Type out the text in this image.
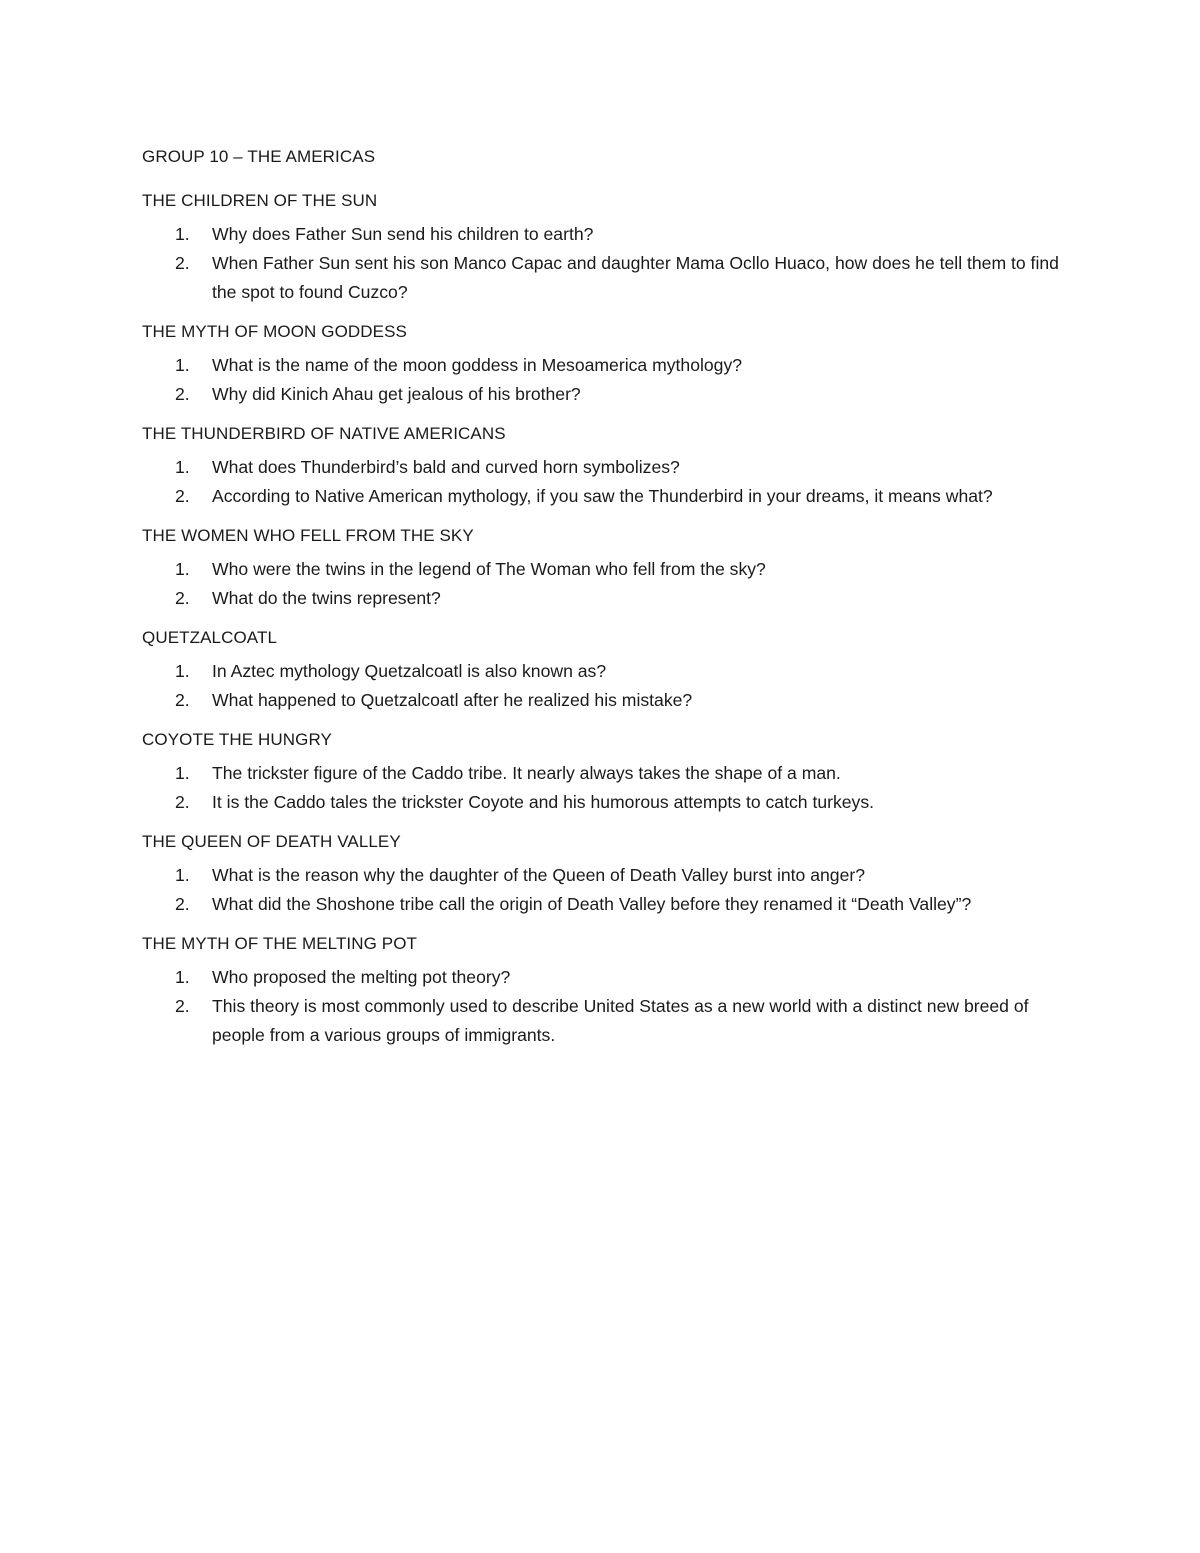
GROUP 10 – THE AMERICAS
THE CHILDREN OF THE SUN
1. Why does Father Sun send his children to earth?
2. When Father Sun sent his son Manco Capac and daughter Mama Ocllo Huaco, how does he tell them to find the spot to found Cuzco?
THE MYTH OF MOON GODDESS
1. What is the name of the moon goddess in Mesoamerica mythology?
2. Why did Kinich Ahau get jealous of his brother?
THE THUNDERBIRD OF NATIVE AMERICANS
1. What does Thunderbird’s bald and curved horn symbolizes?
2. According to Native American mythology, if you saw the Thunderbird in your dreams, it means what?
THE WOMEN WHO FELL FROM THE SKY
1. Who were the twins in the legend of The Woman who fell from the sky?
2. What do the twins represent?
QUETZALCOATL
1. In Aztec mythology Quetzalcoatl is also known as?
2. What happened to Quetzalcoatl after he realized his mistake?
COYOTE THE HUNGRY
1. The trickster figure of the Caddo tribe. It nearly always takes the shape of a man.
2. It is the Caddo tales the trickster Coyote and his humorous attempts to catch turkeys.
THE QUEEN OF DEATH VALLEY
1. What is the reason why the daughter of the Queen of Death Valley burst into anger?
2. What did the Shoshone tribe call the origin of Death Valley before they renamed it “Death Valley”?
THE MYTH OF THE MELTING POT
1. Who proposed the melting pot theory?
2. This theory is most commonly used to describe United States as a new world with a distinct new breed of people from a various groups of immigrants.
